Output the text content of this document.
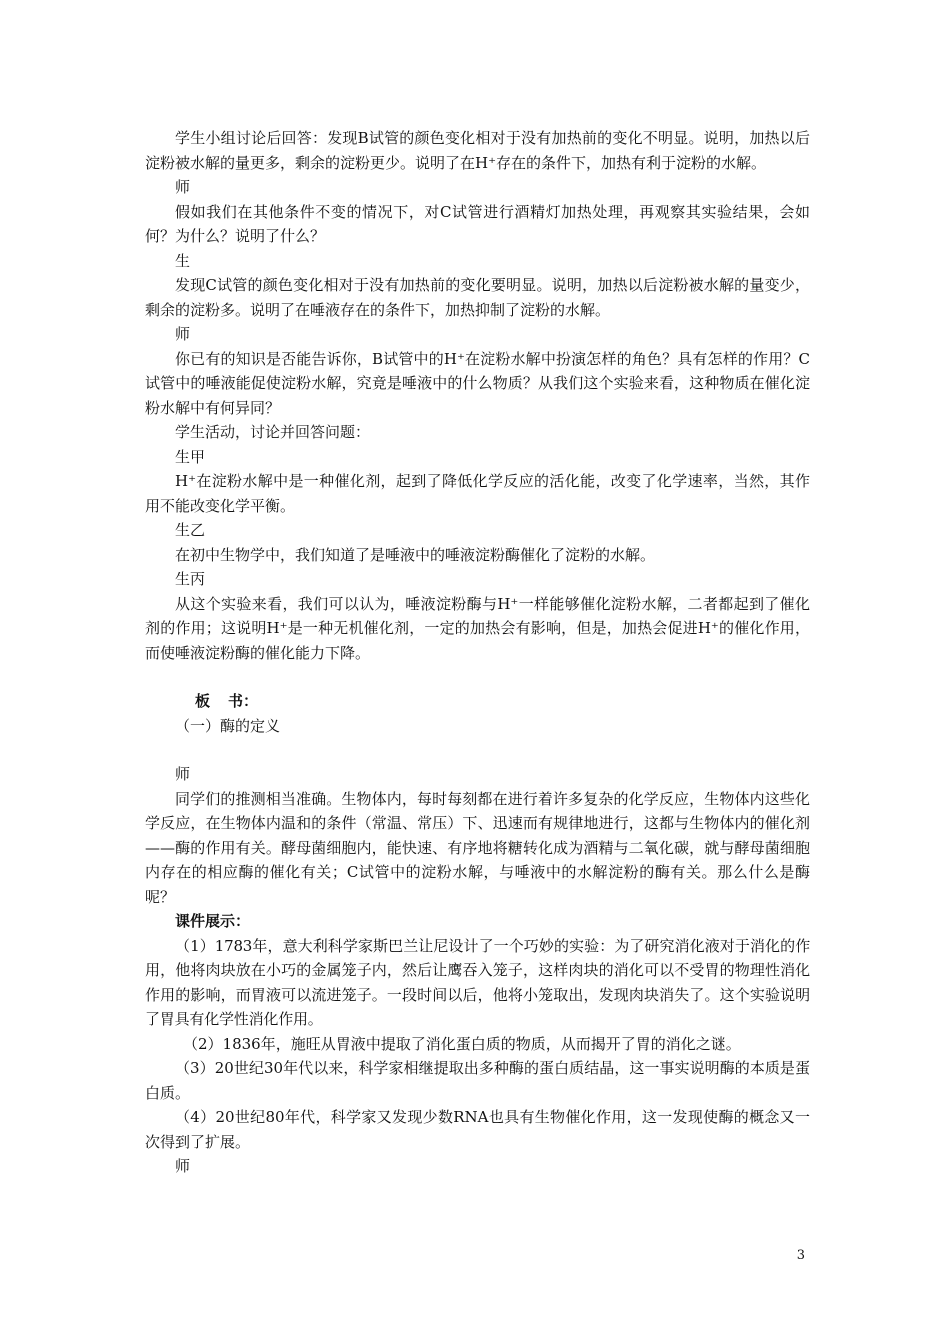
学生小组讨论后回答：发现B试管的颜色变化相对于没有加热前的变化不明显。说明，加热以后淀粉被水解的量更多，剩余的淀粉更少。说明了在H⁺存在的条件下，加热有利于淀粉的水解。

师

假如我们在其他条件不变的情况下，对C试管进行酒精灯加热处理，再观察其实验结果，会如何？为什么？说明了什么？

生

发现C试管的颜色变化相对于没有加热前的变化要明显。说明，加热以后淀粉被水解的量变少，剩余的淀粉多。说明了在唾液存在的条件下，加热抑制了淀粉的水解。

师

你已有的知识是否能告诉你，B试管中的H⁺在淀粉水解中扮演怎样的角色？具有怎样的作用？C试管中的唾液能促使淀粉水解，究竟是唾液中的什么物质？从我们这个实验来看，这种物质在催化淀粉水解中有何异同？

学生活动，讨论并回答问题：

生甲

H⁺在淀粉水解中是一种催化剂，起到了降低化学反应的活化能，改变了化学速率，当然，其作用不能改变化学平衡。

生乙

在初中生物学中，我们知道了是唾液中的唾液淀粉酶催化了淀粉的水解。

生丙

从这个实验来看，我们可以认为，唾液淀粉酶与H⁺一样能够催化淀粉水解，二者都起到了催化剂的作用；这说明H⁺是一种无机催化剂，一定的加热会有影响，但是，加热会促进H⁺的催化作用，而使唾液淀粉酶的催化能力下降。

板 书：

（一）酶的定义

师

同学们的推测相当准确。生物体内，每时每刻都在进行着许多复杂的化学反应，生物体内这些化学反应，在生物体内温和的条件（常温、常压）下、迅速而有规律地进行，这都与生物体内的催化剂——酶的作用有关。酵母菌细胞内，能快速、有序地将糖转化成为酒精与二氧化碳，就与酵母菌细胞内存在的相应酶的催化有关；C试管中的淀粉水解，与唾液中的水解淀粉的酶有关。那么什么是酶呢？

课件展示：

（1）1783年，意大利科学家斯巴兰让尼设计了一个巧妙的实验：为了研究消化液对于消化的作用，他将肉块放在小巧的金属笼子内，然后让鹰吞入笼子，这样肉块的消化可以不受胃的物理性消化作用的影响，而胃液可以流进笼子。一段时间以后，他将小笼取出，发现肉块消失了。这个实验说明了胃具有化学性消化作用。

（2）1836年，施旺从胃液中提取了消化蛋白质的物质，从而揭开了胃的消化之谜。

（3）20世纪30年代以来，科学家相继提取出多种酶的蛋白质结晶，这一事实说明酶的本质是蛋白质。

（4）20世纪80年代，科学家又发现少数RNA也具有生物催化作用，这一发现使酶的概念又一次得到了扩展。

师

3
